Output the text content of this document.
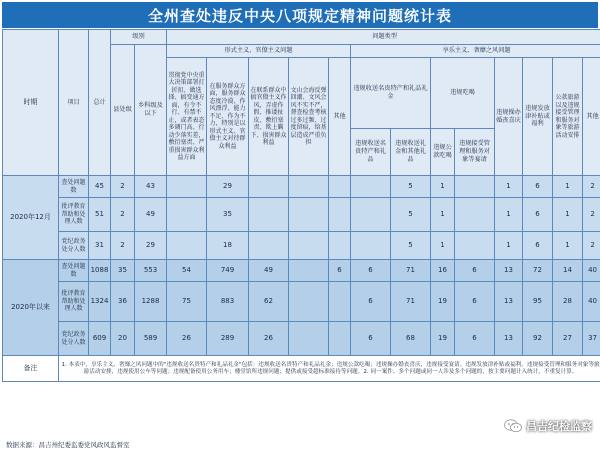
全州查处违反中央八项规定精神问题统计表
时期	项目	总计	级别		问题类型												
			县处级	乡科级及以下	形式主义、官僚主义问题					享乐主义、奢靡之风问题							
					贯彻党中央重大决策部署打折扣、做选择、搞变通方面，有令不行、有禁不止，或者表态多调门高、行动少落实差，敷衍塞责、严重损害群众利益方面	在服务群众方面，服务群众态度冷漠、作风漂浮、能力不足、作为不力，特别是以形式主义、官僚主义对待群众利益	在联系群众中搞官僚主义作风，弄虚作假、推诿扯皮、敷衍塞责、欺上瞒下、损害群众利益	文山会海反弹回潮、文风会风不实不严，督查检查考核过多过频、过度留痕，给基层造成严重负担	其他	违规收送名贵特产和礼品礼金		违规吃喝		违规操办婚丧喜庆	违规发放津补贴或福利	公款旅游以及违规接受管理和服务对象等旅游活动安排	其他
										违规收送名贵特产和礼品	违规收送礼金和其他礼品	违规公款吃喝	违规接受管理和服务对象等宴请				
2020年12月	查处问题数	45	2	43		29					5	1		1	6	1	2
	批评教育帮助和处理人数	51	2	49		35					5	1		1	6	1	2
	党纪政务处分人数	31	2	29		18					5	1		1	6	1	2
2020年以来	查处问题数	1088	35	553	54	749	49		6	6	71	16	6	13	72	14	40
	批评教育帮助和处理人数	1324	36	1288	75	883	62			6	71	19	6	13	95	28	40
	党纪政务处分人数	609	20	589	26	289	26			6	68	19	6	13	92	27	37
备注	1. 本表中，享乐主义、奢靡之风问题中的"违规收送名贵特产和礼品礼金"包括：违规收送名贵特产和礼品礼金；违规公款吃喝；违规操办婚丧喜庆，违规接受宴请。违规发放津补贴或福利，违规接受管理和服务对象等旅游活动安排，违规使用公车等问题；违规配备使用公务用车；楼堂馆所违规问题；提供或接受超标准接待等问题。2. 同一案件、多个问题或同一人涉及多个问题的，按主要问题计入统计，不重复计算。																
数据来源：昌吉州纪委监委党风政风监督室
昌吉纪检监察
